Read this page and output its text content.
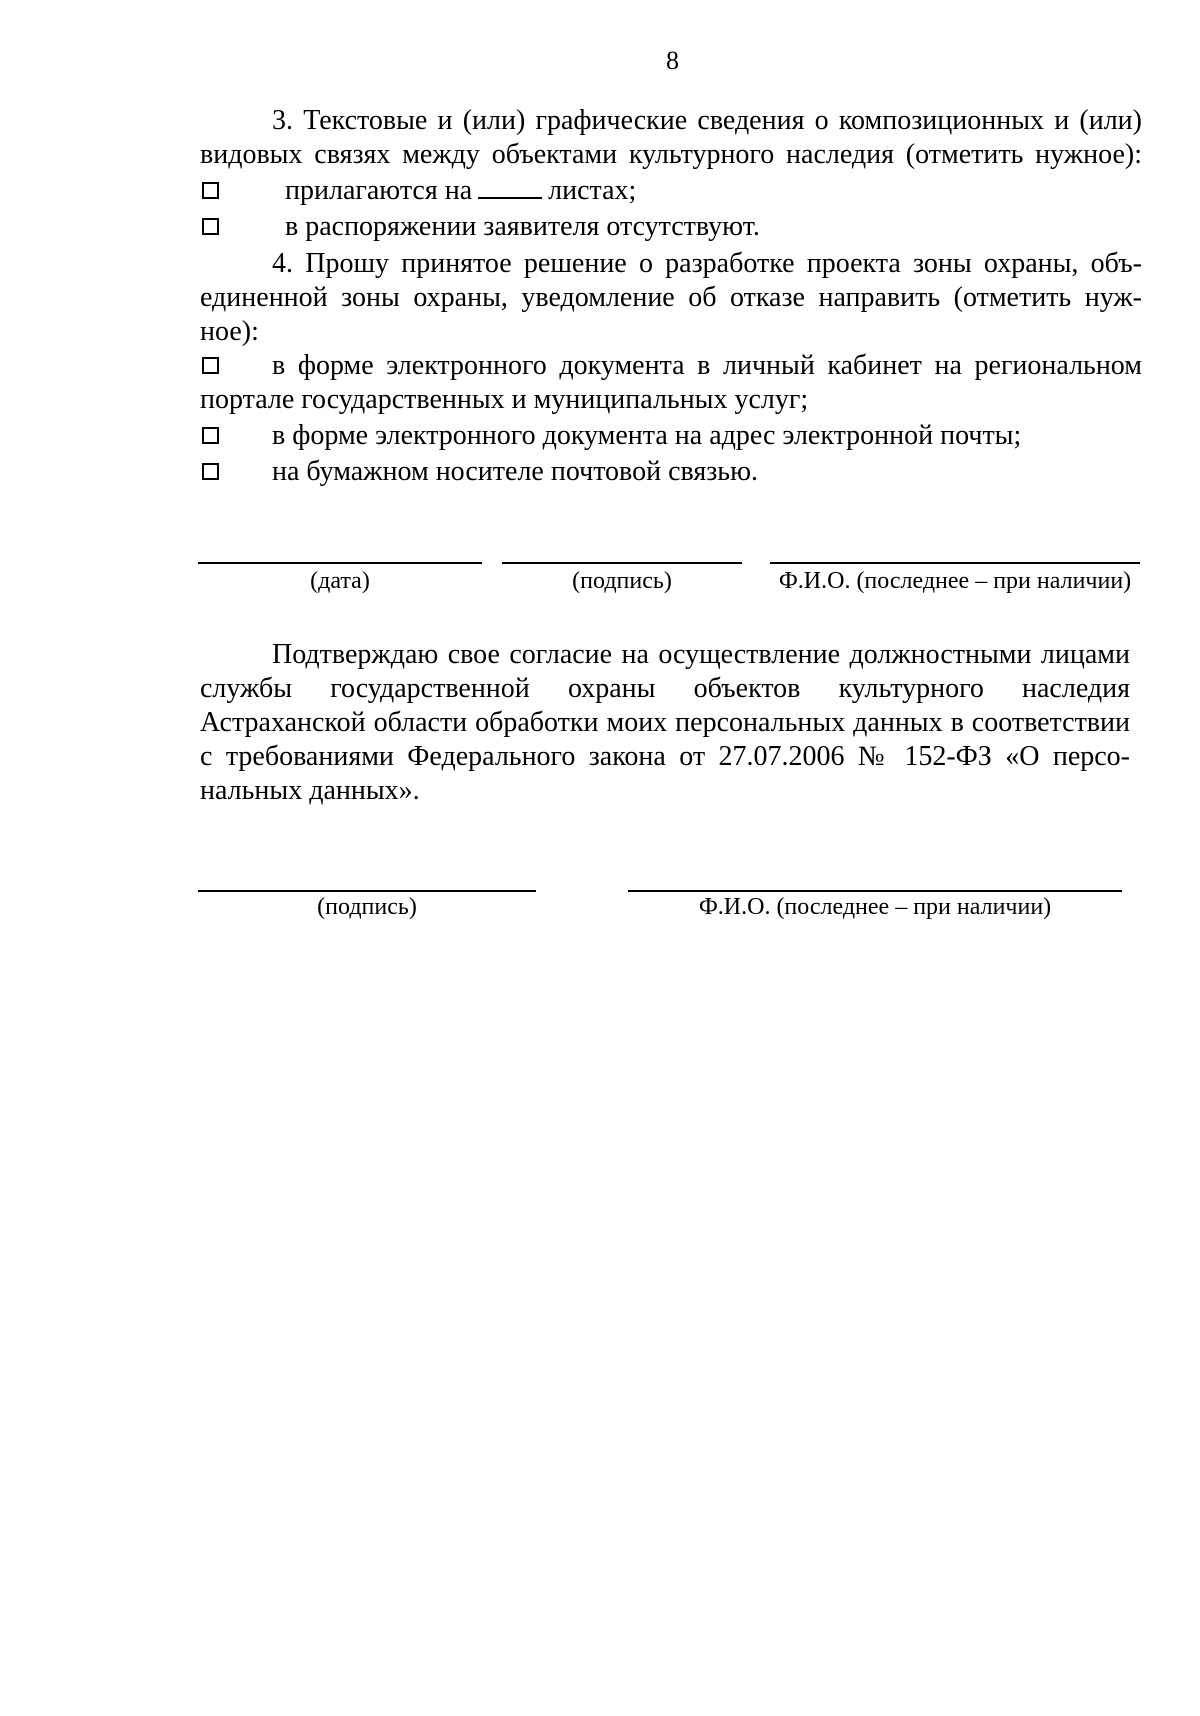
8
3. Текстовые и (или) графические сведения о композиционных и (или)
видовых связях между объектами культурного наследия (отметить нужное):
прилагаются на	листах;
в распоряжении заявителя отсутствуют.
4. Прошу принятое решение о разработке проекта зоны охраны, объ-
единенной зоны охраны, уведомление об отказе направить (отметить нуж-
ное):
в форме электронного документа в личный кабинет на региональном
портале государственных и муниципальных услуг;
в форме электронного документа на адрес электронной почты;
на бумажном носителе почтовой связью.
(дата)	(подпись)	Ф.И.О. (последнее – при наличии)
Подтверждаю свое согласие на осуществление должностными лицами
службы государственной охраны объектов культурного наследия
Астраханской области обработки моих персональных данных в соответствии
с требованиями Федерального закона от 27.07.2006 № 152-ФЗ «О персо-
нальных данных».
(подпись)	Ф.И.О. (последнее – при наличии)
